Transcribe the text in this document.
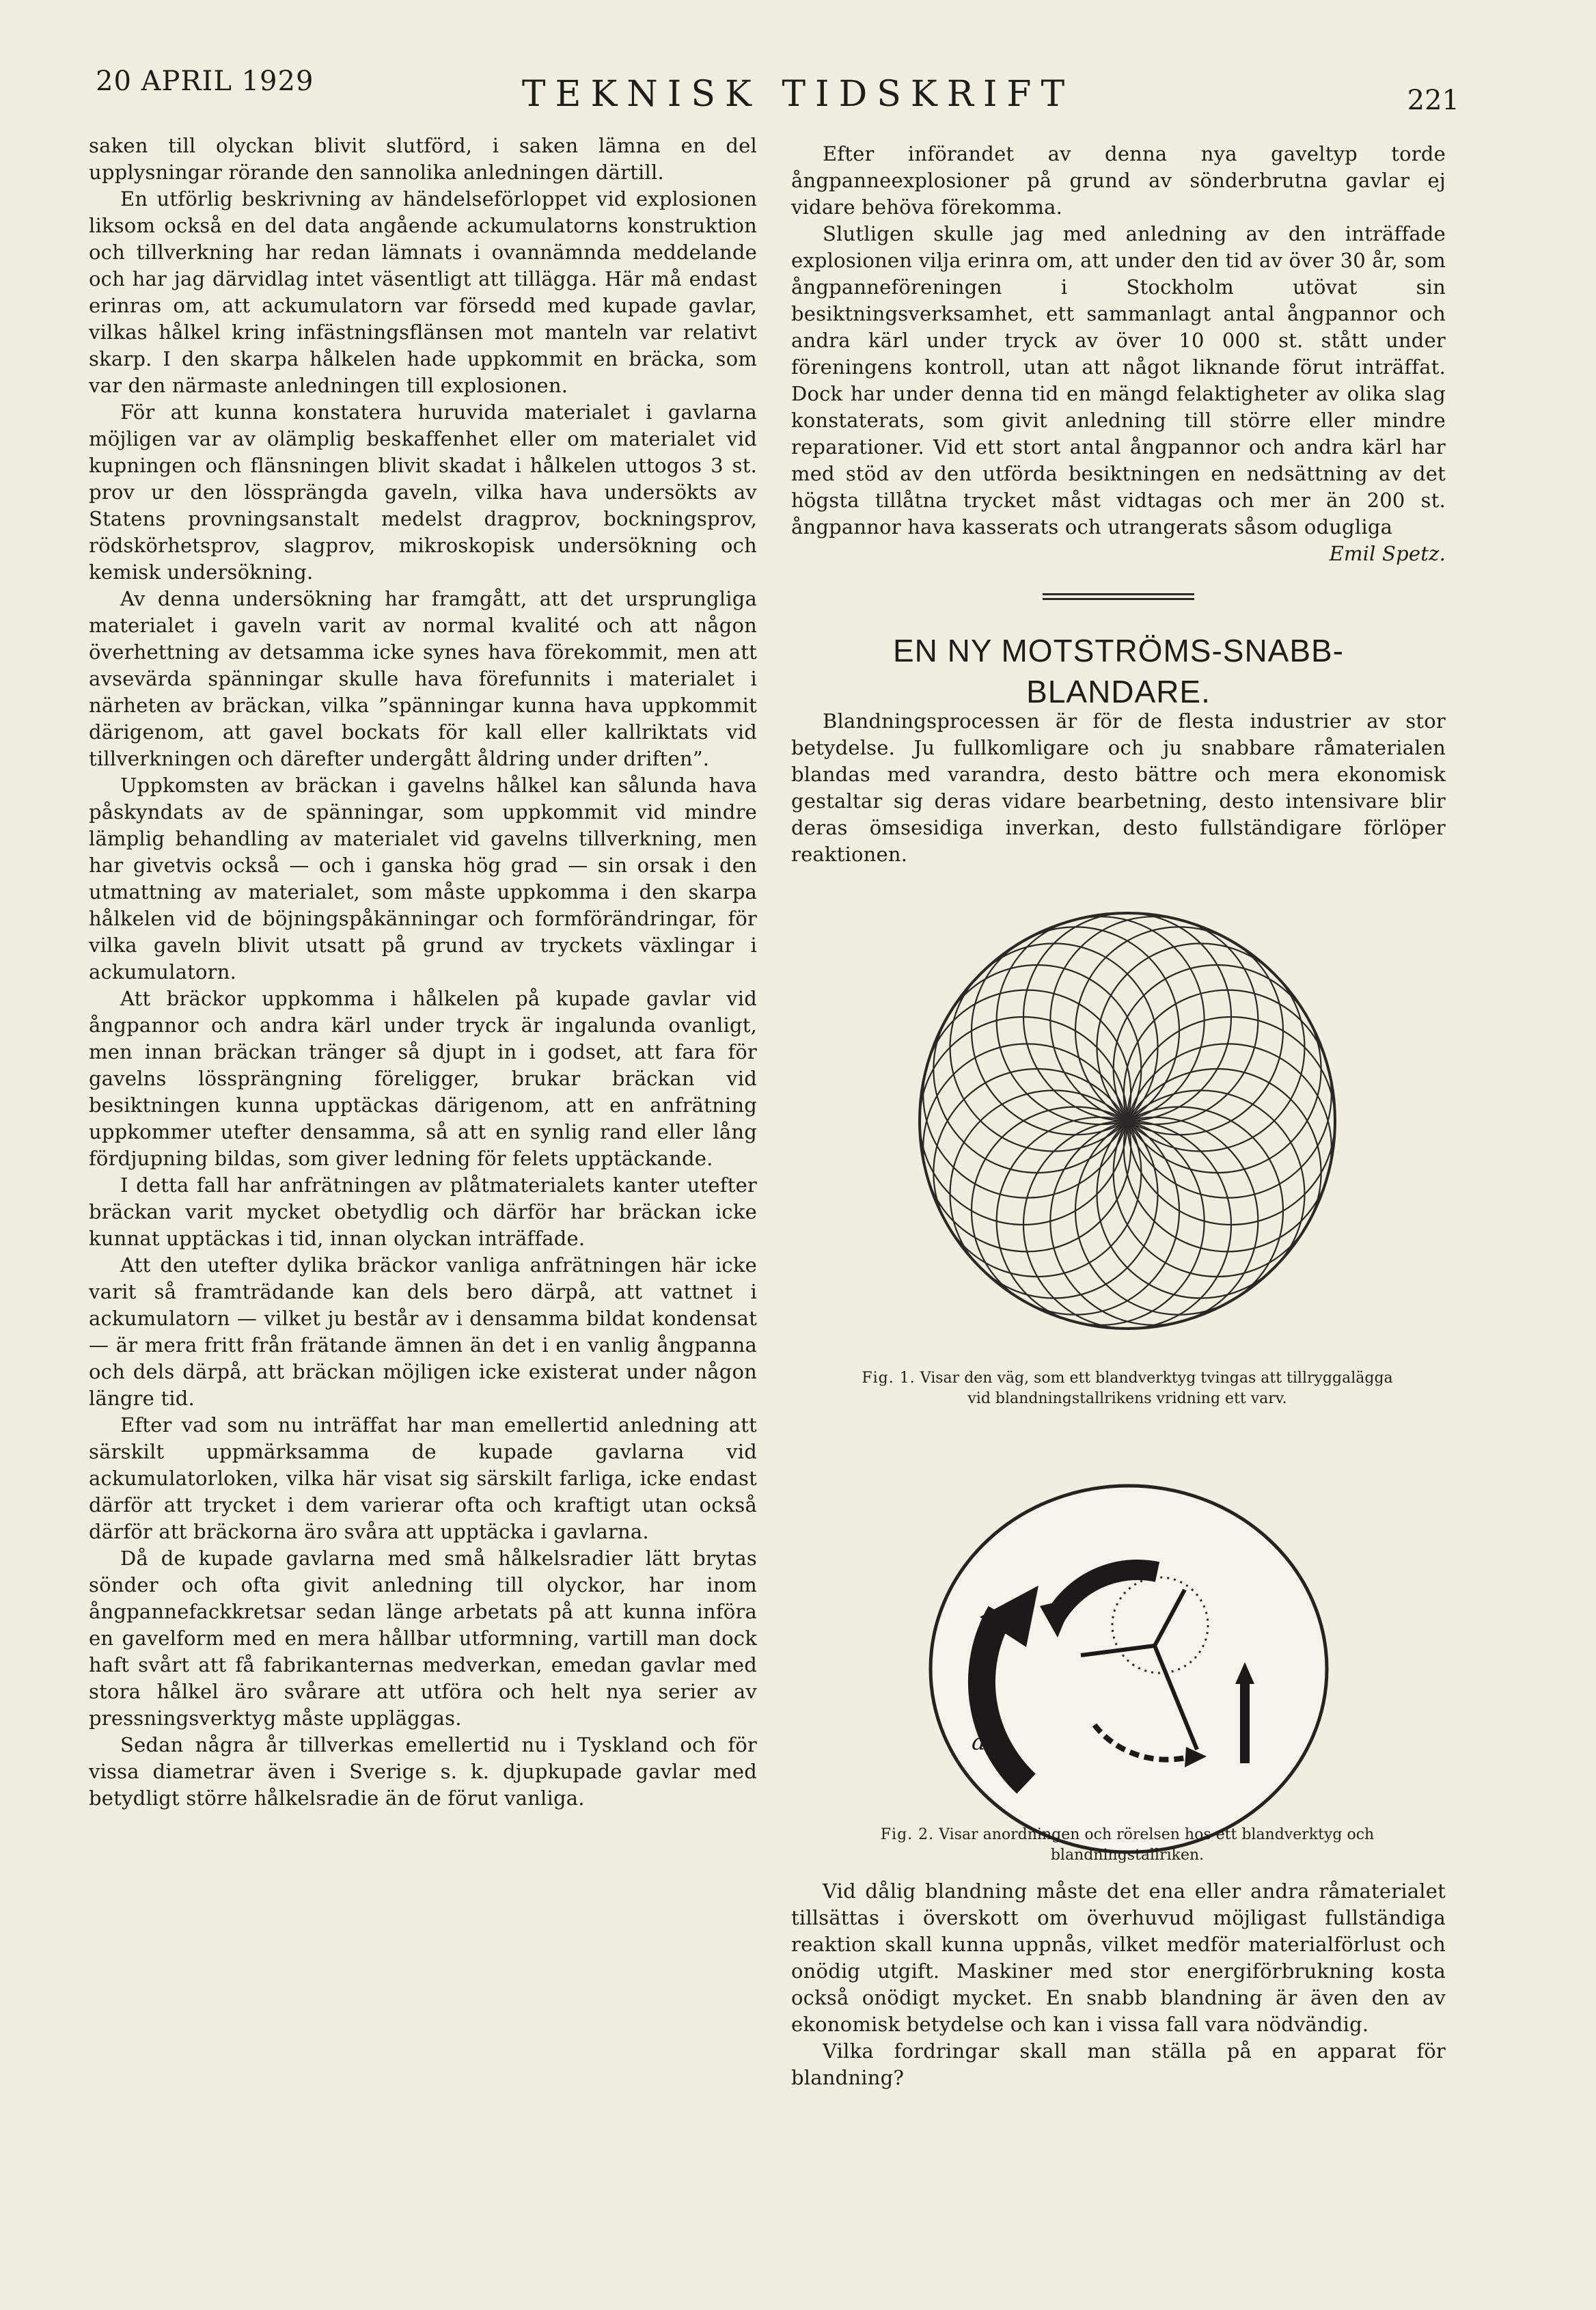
20 APRIL 1929	TEKNISK TIDSKRIFT	221

saken till olyckan blivit slutförd, i saken lämna en del upplysningar rörande den sannolika anledningen därtill.

En utförlig beskrivning av händelseförloppet vid explosionen liksom också en del data angående ackumulatorns konstruktion och tillverkning har redan lämnats i ovannämnda meddelande och har jag därvidlag intet väsentligt att tillägga. Här må endast erinras om, att ackumulatorn var försedd med kupade gavlar, vilkas hålkel kring infästningsflänsen mot manteln var relativt skarp. I den skarpa hålkelen hade uppkommit en bräcka, som var den närmaste anledningen till explosionen.

För att kunna konstatera huruvida materialet i gavlarna möjligen var av olämplig beskaffenhet eller om materialet vid kupningen och flänsningen blivit skadat i hålkelen uttogos 3 st. prov ur den lössprängda gaveln, vilka hava undersökts av Statens provningsanstalt medelst dragprov, bockningsprov, rödskörhetsprov, slagprov, mikroskopisk undersökning och kemisk undersökning.

Av denna undersökning har framgått, att det ursprungliga materialet i gaveln varit av normal kvalité och att någon överhettning av detsamma icke synes hava förekommit, men att avsevärda spänningar skulle hava förefunnits i materialet i närheten av bräckan, vilka ”spänningar kunna hava uppkommit därigenom, att gavel bockats för kall eller kallriktats vid tillverkningen och därefter undergått åldring under driften”.

Uppkomsten av bräckan i gavelns hålkel kan sålunda hava påskyndats av de spänningar, som uppkommit vid mindre lämplig behandling av materialet vid gavelns tillverkning, men har givetvis också — och i ganska hög grad — sin orsak i den utmattning av materialet, som måste uppkomma i den skarpa hålkelen vid de böjningspåkänningar och formförändringar, för vilka gaveln blivit utsatt på grund av tryckets växlingar i ackumulatorn.

Att bräckor uppkomma i hålkelen på kupade gavlar vid ångpannor och andra kärl under tryck är ingalunda ovanligt, men innan bräckan tränger så djupt in i godset, att fara för gavelns lössprängning föreligger, brukar bräckan vid besiktningen kunna upptäckas därigenom, att en anfrätning uppkommer utefter densamma, så att en synlig rand eller lång fördjupning bildas, som giver ledning för felets upptäckande.

I detta fall har anfrätningen av plåtmaterialets kanter utefter bräckan varit mycket obetydlig och därför har bräckan icke kunnat upptäckas i tid, innan olyckan inträffade.

Att den utefter dylika bräckor vanliga anfrätningen här icke varit så framträdande kan dels bero därpå, att vattnet i ackumulatorn — vilket ju består av i densamma bildat kondensat — är mera fritt från frätande ämnen än det i en vanlig ångpanna och dels därpå, att bräckan möjligen icke existerat under någon längre tid.

Efter vad som nu inträffat har man emellertid anledning att särskilt uppmärksamma de kupade gavlarna vid ackumulatorloken, vilka här visat sig särskilt farliga, icke endast därför att trycket i dem varierar ofta och kraftigt utan också därför att bräckorna äro svåra att upptäcka i gavlarna.

Då de kupade gavlarna med små hålkelsradier lätt brytas sönder och ofta givit anledning till olyckor, har inom ångpannefackkretsar sedan länge arbetats på att kunna införa en gavelform med en mera hållbar utformning, vartill man dock haft svårt att få fabrikanternas medverkan, emedan gavlar med stora hålkel äro svårare att utföra och helt nya serier av pressningsverktyg måste uppläggas.

Sedan några år tillverkas emellertid nu i Tyskland och för vissa diametrar även i Sverige s. k. djupkupade gavlar med betydligt större hålkelsradie än de förut vanliga.

Efter införandet av denna nya gaveltyp torde ångpanneexplosioner på grund av sönderbrutna gavlar ej vidare behöva förekomma.

Slutligen skulle jag med anledning av den inträffade explosionen vilja erinra om, att under den tid av över 30 år, som ångpanneföreningen i Stockholm utövat sin besiktningsverksamhet, ett sammanlagt antal ångpannor och andra kärl under tryck av över 10 000 st. stått under föreningens kontroll, utan att något liknande förut inträffat. Dock har under denna tid en mängd felaktigheter av olika slag konstaterats, som givit anledning till större eller mindre reparationer. Vid ett stort antal ångpannor och andra kärl har med stöd av den utförda besiktningen en nedsättning av det högsta tillåtna trycket måst vidtagas och mer än 200 st. ångpannor hava kasserats och utrangerats såsom odugliga
Emil Spetz.

EN NY MOTSTRÖMS-SNABB-
BLANDARE.

Blandningsprocessen är för de flesta industrier av stor betydelse. Ju fullkomligare och ju snabbare råmaterialen blandas med varandra, desto bättre och mera ekonomisk gestaltar sig deras vidare bearbetning, desto intensivare blir deras ömsesidiga inverkan, desto fullständigare förlöper reaktionen.

Fig. 1. Visar den väg, som ett blandverktyg tvingas att tillryggalägga vid blandningstallrikens vridning ett varv.
a
Fig. 2. Visar anordningen och rörelsen hos ett blandverktyg och blandningstallriken.

Vid dålig blandning måste det ena eller andra råmaterialet tillsättas i överskott om överhuvud möjligast fullständiga reaktion skall kunna uppnås, vilket medför materialförlust och onödig utgift. Maskiner med stor energiförbrukning kosta också onödigt mycket. En snabb blandning är även den av ekonomisk betydelse och kan i vissa fall vara nödvändig.

Vilka fordringar skall man ställa på en apparat för blandning?
